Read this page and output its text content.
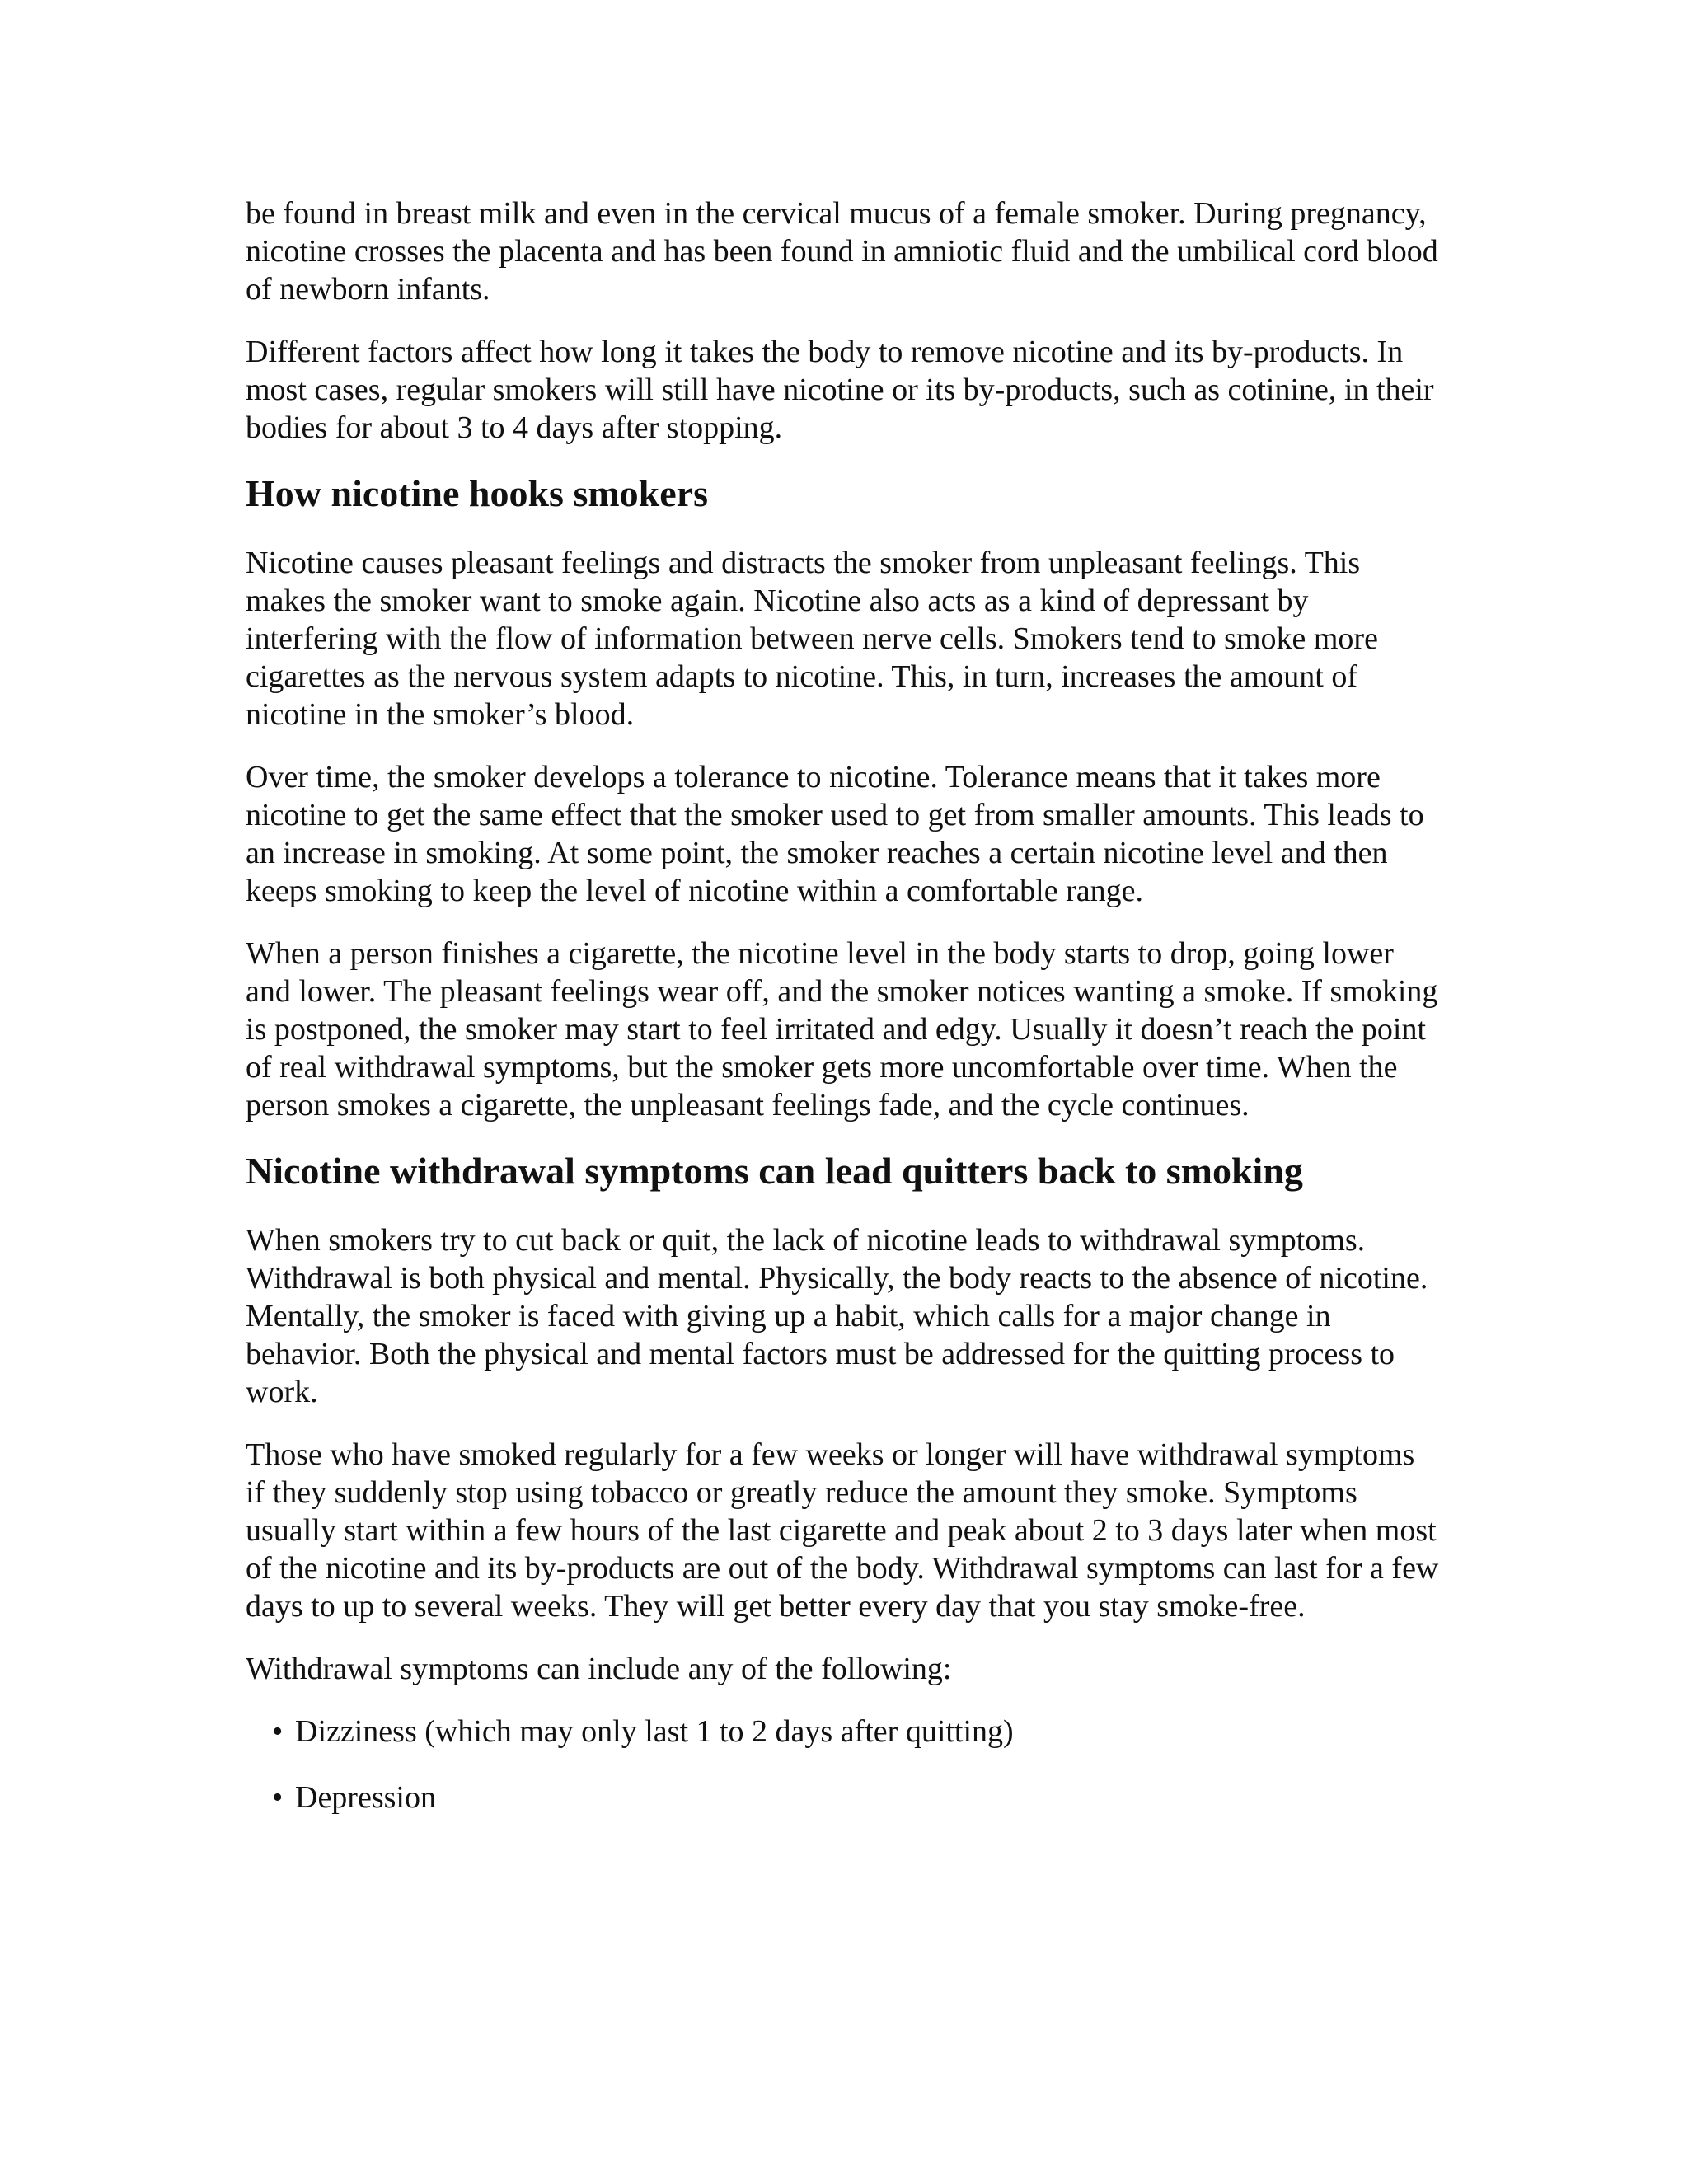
be found in breast milk and even in the cervical mucus of a female smoker. During pregnancy, nicotine crosses the placenta and has been found in amniotic fluid and the umbilical cord blood of newborn infants.

Different factors affect how long it takes the body to remove nicotine and its by-products. In most cases, regular smokers will still have nicotine or its by-products, such as cotinine, in their bodies for about 3 to 4 days after stopping.

How nicotine hooks smokers

Nicotine causes pleasant feelings and distracts the smoker from unpleasant feelings. This makes the smoker want to smoke again. Nicotine also acts as a kind of depressant by interfering with the flow of information between nerve cells. Smokers tend to smoke more cigarettes as the nervous system adapts to nicotine. This, in turn, increases the amount of nicotine in the smoker’s blood.

Over time, the smoker develops a tolerance to nicotine. Tolerance means that it takes more nicotine to get the same effect that the smoker used to get from smaller amounts. This leads to an increase in smoking. At some point, the smoker reaches a certain nicotine level and then keeps smoking to keep the level of nicotine within a comfortable range.

When a person finishes a cigarette, the nicotine level in the body starts to drop, going lower and lower. The pleasant feelings wear off, and the smoker notices wanting a smoke. If smoking is postponed, the smoker may start to feel irritated and edgy. Usually it doesn’t reach the point of real withdrawal symptoms, but the smoker gets more uncomfortable over time. When the person smokes a cigarette, the unpleasant feelings fade, and the cycle continues.

Nicotine withdrawal symptoms can lead quitters back to smoking

When smokers try to cut back or quit, the lack of nicotine leads to withdrawal symptoms. Withdrawal is both physical and mental. Physically, the body reacts to the absence of nicotine. Mentally, the smoker is faced with giving up a habit, which calls for a major change in behavior. Both the physical and mental factors must be addressed for the quitting process to work.

Those who have smoked regularly for a few weeks or longer will have withdrawal symptoms if they suddenly stop using tobacco or greatly reduce the amount they smoke. Symptoms usually start within a few hours of the last cigarette and peak about 2 to 3 days later when most of the nicotine and its by-products are out of the body. Withdrawal symptoms can last for a few days to up to several weeks. They will get better every day that you stay smoke-free.

Withdrawal symptoms can include any of the following:

• Dizziness (which may only last 1 to 2 days after quitting)
• Depression
